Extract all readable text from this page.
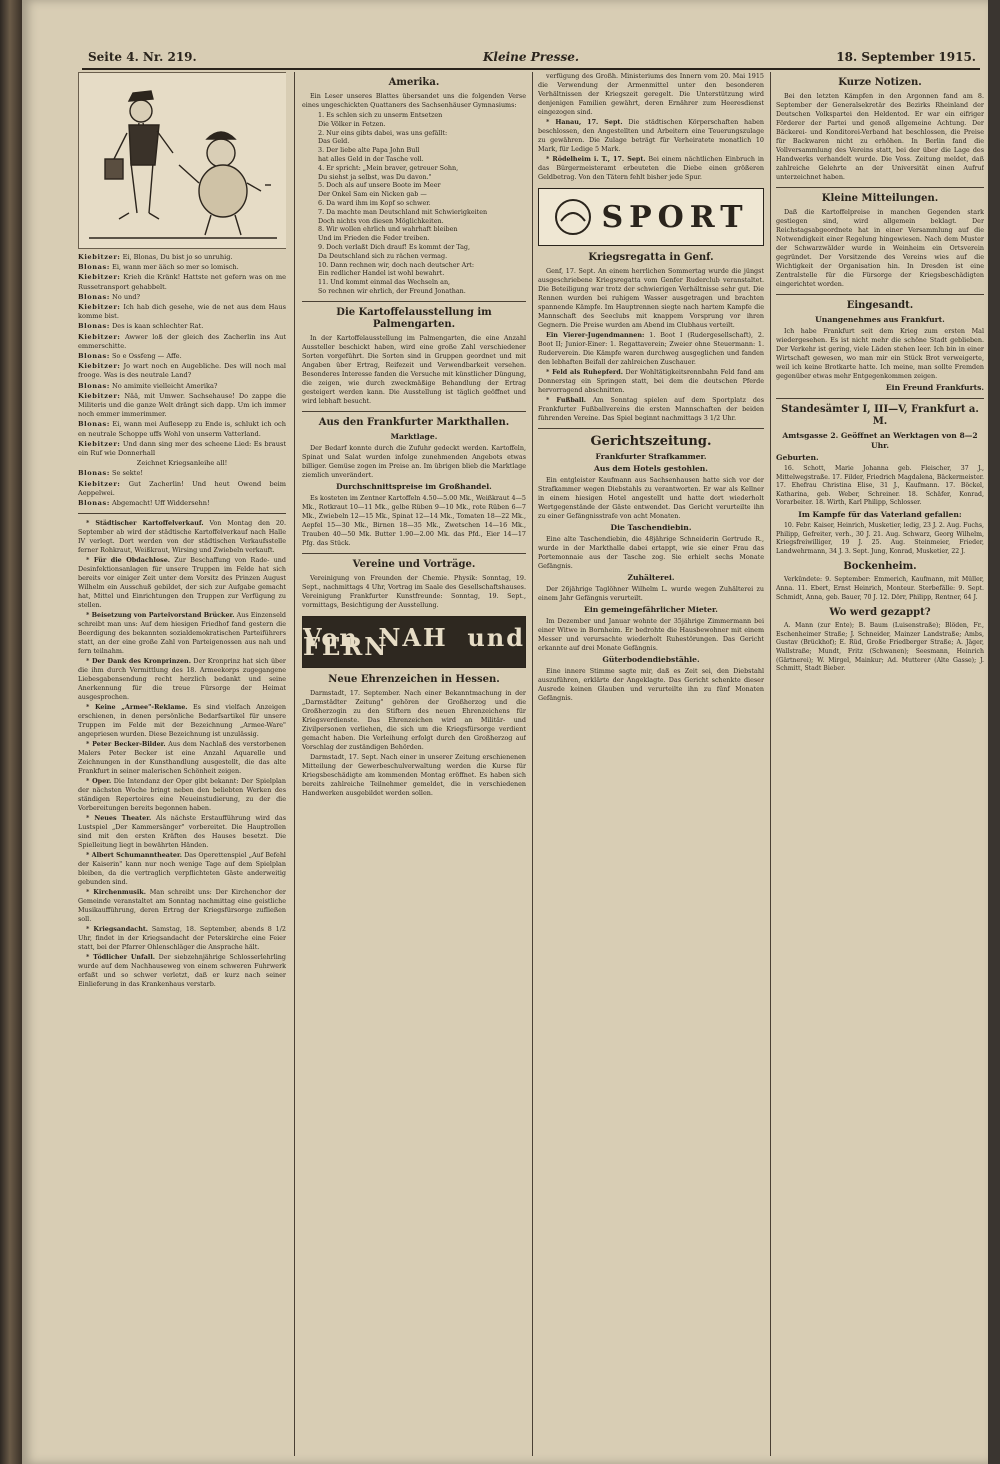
Seite 4. Nr. 219.	Kleine Presse.	18. September 1915.

Kiebitzer: Ei, Blonas, Du bist jo so unruhig.

Blonas: Ei, wann mer ääch so mer so lomisch.

Kiebitzer: Krieh die Kränk! Hattste net gefern was on me Russetransport gehabbelt.

Blonas: No und?

Kiebitzer: Ich hab dich gesehe, wie de net aus dem Haus komme bist.

Blonas: Des is kaan schlechter Rat.

Kiebitzer: Awwer loß der gleich des Zacherlin ins Aut emmerschitte.

Blonas: So e Ossfeng — Affe.

Kiebitzer: Jo wart noch en Augebliche. Des will noch mal frooge. Was is des neutrale Land?

Blonas: No amimite vielleicht Amerika?

Kiebitzer: Nää, mit Umwer. Sachsehause! Do zappe die Militeris und die ganze Welt drängt sich dapp. Um ich immer noch emmer immerimmer.

Blonas: Ei, wann mei Auflesepp zu Ende is, schlukt ich och en neutrale Schoppe uffs Wohl von unserm Vatterland.

Kiebitzer: Und dann sing mer des scheene Lied: Es braust ein Ruf wie Donnerhall

Zeichnet Kriegsanleihe all!

Blonas: Se sekte!

Kiebitzer: Gut Zacherlin! Und heut Owend beim Aeppelwei.

Blonas: Abgemacht! Uff Widdersehn!

* Städtischer Kartoffelverkauf. Von Montag den 20. September ab wird der städtische Kartoffelverkauf nach Halle IV verlegt. Dort werden von der städtischen Verkaufsstelle ferner Rohkraut, Weißkraut, Wirsing und Zwiebeln verkauft.

* Für die Obdachlose. Zur Beschaffung von Rade- und Desinfektionsanlagen für unsere Truppen im Felde hat sich bereits vor einiger Zeit unter dem Vorsitz des Prinzen August Wilhelm ein Ausschuß gebildet, der sich zur Aufgabe gemacht hat, Mittel und Einrichtungen den Truppen zur Verfügung zu stellen.

* Beisetzung von Parteivorstand Brücker. Aus Einzenseld schreibt man uns: Auf dem hiesigen Friedhof fand gestern die Beerdigung des bekannten sozialdemokratischen Parteiführers statt, an der eine große Zahl von Parteigenossen aus nah und fern teilnahm.

* Der Dank des Kronprinzen. Der Kronprinz hat sich über die ihm durch Vermittlung des 18. Armeekorps zugegangene Liebesgabensendung recht herzlich bedankt und seine Anerkennung für die treue Fürsorge der Heimat ausgesprochen.

* Keine „Armee"-Reklame. Es sind vielfach Anzeigen erschienen, in denen persönliche Bedarfsartikel für unsere Truppen im Felde mit der Bezeichnung „Armee-Ware" angepriesen wurden. Diese Bezeichnung ist unzulässig.

* Peter Becker-Bilder. Aus dem Nachlaß des verstorbenen Malers Peter Becker ist eine Anzahl Aquarelle und Zeichnungen in der Kunsthandlung ausgestellt, die das alte Frankfurt in seiner malerischen Schönheit zeigen.

* Oper. Die Intendanz der Oper gibt bekannt: Der Spielplan der nächsten Woche bringt neben den beliebten Werken des ständigen Repertoires eine Neueinstudierung, zu der die Vorbereitungen bereits begonnen haben.

* Neues Theater. Als nächste Erstaufführung wird das Lustspiel „Der Kammersänger" vorbereitet. Die Hauptrollen sind mit den ersten Kräften des Hauses besetzt. Die Spielleitung liegt in bewährten Händen.

* Albert Schumanntheater. Das Operettenspiel „Auf Befehl der Kaiserin" kann nur noch wenige Tage auf dem Spielplan bleiben, da die vertraglich verpflichteten Gäste anderweitig gebunden sind.

* Kirchenmusik. Man schreibt uns: Der Kirchenchor der Gemeinde veranstaltet am Sonntag nachmittag eine geistliche Musikaufführung, deren Ertrag der Kriegsfürsorge zufließen soll.

* Kriegsandacht. Samstag, 18. September, abends 8 1/2 Uhr, findet in der Kriegsandacht der Peterskirche eine Feier statt, bei der Pfarrer Ohlenschläger die Ansprache hält.

* Tödlicher Unfall. Der siebzehnjährige Schlosserlehrling wurde auf dem Nachhauseweg von einem schweren Fuhrwerk erfaßt und so schwer verletzt, daß er kurz nach seiner Einlieferung in das Krankenhaus verstarb.

Amerika.

Ein Leser unseres Blattes übersandet uns die folgenden Verse eines ungeschickten Quattaners des Sachsenhäuser Gymnasiums:

1. Es schlen sich zu unserm Entsetzen
Die Völker in Fetzen.
2. Nur eins gibts dabei, was uns gefällt:
Das Geld.
3. Der liebe alte Papa John Bull
hat alles Geld in der Tasche voll.
4. Er spricht: „Mein braver, getreuer Sohn,
Du siehst ja selbst, was Du davon."
5. Doch als auf unsere Boote im Meer
Der Onkel Sam ein Nicken gab —
6. Da ward ihm im Kopf so schwer.
7. Da machte man Deutschland mit Schwierigkeiten
Doch nichts von diesen Möglichkeiten.
8. Wir wollen ehrlich und wahrhaft bleiben
Und im Frieden die Feder treiben.
9. Doch verlaßt Dich drauf! Es kommt der Tag,
Da Deutschland sich zu rächen vermag.
10. Dann rechnen wir, doch nach deutscher Art:
Ein redlicher Handel ist wohl bewahrt.
11. Und kommt einmal das Wechseln an,
So rechnen wir ehrlich, der Freund Jonathan.
Die Kartoffelausstellung im Palmengarten.

In der Kartoffelausstellung im Palmengarten, die eine Anzahl Aussteller beschickt haben, wird eine große Zahl verschiedener Sorten vorgeführt. Die Sorten sind in Gruppen geordnet und mit Angaben über Ertrag, Reifezeit und Verwendbarkeit versehen. Besonderes Interesse fanden die Versuche mit künstlicher Düngung, die zeigen, wie durch zweckmäßige Behandlung der Ertrag gesteigert werden kann. Die Ausstellung ist täglich geöffnet und wird lebhaft besucht.

Aus den Frankfurter Markthallen.
Marktlage.

Der Bedarf konnte durch die Zufuhr gedeckt werden. Kartoffeln, Spinat und Salat wurden infolge zunehmenden Angebots etwas billiger. Gemüse zogen im Preise an. Im übrigen blieb die Marktlage ziemlich unverändert.

Durchschnittspreise im Großhandel.

Es kosteten im Zentner Kartoffeln 4.50—5.00 Mk., Weißkraut 4—5 Mk., Rotkraut 10—11 Mk., gelbe Rüben 9—10 Mk., rote Rüben 6—7 Mk., Zwiebeln 12—15 Mk., Spinat 12—14 Mk., Tomaten 18—22 Mk., Aepfel 15—30 Mk., Birnen 18—35 Mk., Zwetschen 14—16 Mk., Trauben 40—50 Mk. Butter 1.90—2.00 Mk. das Pfd., Eier 14—17 Pfg. das Stück.

Vereine und Vorträge.

Vereinigung von Freunden der Chemie. Physik: Sonntag, 19. Sept., nachmittags 4 Uhr, Vortrag im Saale des Gesellschaftshauses. Vereinigung Frankfurter Kunstfreunde: Sonntag, 19. Sept., vormittags, Besichtigung der Ausstellung.

Von NAH und FERN
Neue Ehrenzeichen in Hessen.

Darmstadt, 17. September. Nach einer Bekanntmachung in der „Darmstädter Zeitung" gehören der Großherzog und die Großherzogin zu den Stiftern des neuen Ehrenzeichens für Kriegsverdienste. Das Ehrenzeichen wird an Militär- und Zivilpersonen verliehen, die sich um die Kriegsfürsorge verdient gemacht haben. Die Verleihung erfolgt durch den Großherzog auf Vorschlag der zuständigen Behörden.

Darmstadt, 17. Sept. Nach einer in unserer Zeitung erschienenen Mitteilung der Gewerbeschulverwaltung werden die Kurse für Kriegsbeschädigte am kommenden Montag eröffnet. Es haben sich bereits zahlreiche Teilnehmer gemeldet, die in verschiedenen Handwerken ausgebildet werden sollen.

verfügung des Großh. Ministeriums des Innern vom 20. Mai 1915 die Verwendung der Armenmittel unter den besonderen Verhältnissen der Kriegszeit geregelt. Die Unterstützung wird denjenigen Familien gewährt, deren Ernährer zum Heeresdienst eingezogen sind.

* Hanau, 17. Sept. Die städtischen Körperschaften haben beschlossen, den Angestellten und Arbeitern eine Teuerungszulage zu gewähren. Die Zulage beträgt für Verheiratete monatlich 10 Mark, für Ledige 5 Mark.

* Rödelheim i. T., 17. Sept. Bei einem nächtlichen Einbruch in das Bürgermeisteramt erbeuteten die Diebe einen größeren Geldbetrag. Von den Tätern fehlt bisher jede Spur.

SPORT
Kriegsregatta in Genf.

Genf, 17. Sept. An einem herrlichen Sommertag wurde die jüngst ausgeschriebene Kriegsregatta vom Genfer Ruderclub veranstaltet. Die Beteiligung war trotz der schwierigen Verhältnisse sehr gut. Die Rennen wurden bei ruhigem Wasser ausgetragen und brachten spannende Kämpfe. Im Hauptrennen siegte nach hartem Kampfe die Mannschaft des Seeclubs mit knappem Vorsprung vor ihren Gegnern. Die Preise wurden am Abend im Clubhaus verteilt.

Ein Vierer-Jugendmannen: 1. Boot I (Rudergesellschaft), 2. Boot II; Junior-Einer: 1. Regattaverein; Zweier ohne Steuermann: 1. Ruderverein. Die Kämpfe waren durchweg ausgeglichen und fanden den lebhaften Beifall der zahlreichen Zuschauer.

* Feld als Ruhepferd. Der Wohltätigkeitsrennbahn Feld fand am Donnerstag ein Springen statt, bei dem die deutschen Pferde hervorragend abschnitten.

* Fußball. Am Sonntag spielen auf dem Sportplatz des Frankfurter Fußballvereins die ersten Mannschaften der beiden führenden Vereine. Das Spiel beginnt nachmittags 3 1/2 Uhr.

Gerichtszeitung.
Frankfurter Strafkammer.
Aus dem Hotels gestohlen.

Ein entgleister Kaufmann aus Sachsenhausen hatte sich vor der Strafkammer wegen Diebstahls zu verantworten. Er war als Kellner in einem hiesigen Hotel angestellt und hatte dort wiederholt Wertgegenstände der Gäste entwendet. Das Gericht verurteilte ihn zu einer Gefängnisstrafe von acht Monaten.

Die Taschendiebin.

Eine alte Taschendiebin, die 48jährige Schneiderin Gertrude R., wurde in der Markthalle dabei ertappt, wie sie einer Frau das Portemonnaie aus der Tasche zog. Sie erhielt sechs Monate Gefängnis.

Zuhälterei.

Der 26jährige Taglöhner Wilhelm L. wurde wegen Zuhälterei zu einem Jahr Gefängnis verurteilt.

Ein gemeingefährlicher Mieter.

Im Dezember und Januar wohnte der 35jährige Zimmermann bei einer Witwe in Bornheim. Er bedrohte die Hausbewohner mit einem Messer und verursachte wiederholt Ruhestörungen. Das Gericht erkannte auf drei Monate Gefängnis.

Güterbodendiebstähle.

Eine innere Stimme sagte mir, daß es Zeit sei, den Diebstahl auszuführen, erklärte der Angeklagte. Das Gericht schenkte dieser Ausrede keinen Glauben und verurteilte ihn zu fünf Monaten Gefängnis.

Kurze Notizen.

Bei den letzten Kämpfen in den Argonnen fand am 8. September der Generalsekretär des Bezirks Rheinland der Deutschen Volkspartei den Heldentod. Er war ein eifriger Förderer der Partei und genoß allgemeine Achtung. Der Bäckerei- und Konditorei-Verband hat beschlossen, die Preise für Backwaren nicht zu erhöhen. In Berlin fand die Vollversammlung des Vereins statt, bei der über die Lage des Handwerks verhandelt wurde. Die Voss. Zeitung meldet, daß zahlreiche Gelehrte an der Universität einen Aufruf unterzeichnet haben.

Kleine Mitteilungen.

Daß die Kartoffelpreise in manchen Gegenden stark gestiegen sind, wird allgemein beklagt. Der Reichstagsabgeordnete hat in einer Versammlung auf die Notwendigkeit einer Regelung hingewiesen. Nach dem Muster der Schwarzwälder wurde in Weinheim ein Ortsverein gegründet. Der Vorsitzende des Vereins wies auf die Wichtigkeit der Organisation hin. In Dresden ist eine Zentralstelle für die Fürsorge der Kriegsbeschädigten eingerichtet worden.

Eingesandt.
Unangenehmes aus Frankfurt.

Ich habe Frankfurt seit dem Krieg zum ersten Mal wiedergesehen. Es ist nicht mehr die schöne Stadt geblieben. Der Verkehr ist gering, viele Läden stehen leer. Ich bin in einer Wirtschaft gewesen, wo man mir ein Stück Brot verweigerte, weil ich keine Brotkarte hatte. Ich meine, man sollte Fremden gegenüber etwas mehr Entgegenkommen zeigen.

Ein Freund Frankfurts.
Standesämter I, III—V, Frankfurt a. M.
Amtsgasse 2. Geöffnet an Werktagen von 8—2 Uhr.
Geburten.

16. Schott, Marie Johanna geb. Fleischer, 37 J., Mittelwegstraße. 17. Filder, Friedrich Magdalena, Bäckermeister. 17. Ehefrau Christina Elise, 31 J., Kaufmann. 17. Böckel, Katharina, geb. Weber, Schreiner. 18. Schäfer, Konrad, Vorarbeiter. 18. Wirth, Karl Philipp, Schlosser.

Im Kampfe für das Vaterland gefallen:

10. Febr. Kaiser, Heinrich, Musketier, ledig, 23 J. 2. Aug. Fuchs, Philipp, Gefreiter, verh., 30 J. 21. Aug. Schwarz, Georg Wilhelm, Kriegsfreiwilliger, 19 J. 25. Aug. Steinmeier, Frieder, Landwehrmann, 34 J. 3. Sept. Jung, Konrad, Musketier, 22 J.

Bockenheim.

Verkündete: 9. September: Emmerich, Kaufmann, mit Müller, Anna. 11. Ebert, Ernst Heinrich, Monteur. Sterbefälle: 9. Sept. Schmidt, Anna, geb. Bauer, 70 J. 12. Dörr, Philipp, Rentner, 64 J.

Wo werd gezappt?

A. Mann (zur Ente); B. Baum (Luisenstraße); Blöden, Fr., Eschenheimer Straße; J. Schneider, Mainzer Landstraße; Ambs, Gustav (Brückhof); E. Rüd, Große Friedberger Straße; A. Jäger, Wallstraße; Mundt, Fritz (Schwanen); Seesmann, Heinrich (Gärtnerei); W. Mirgel, Mainkur; Ad. Mutterer (Alte Gasse); J. Schmitt, Stadt Bieber.
